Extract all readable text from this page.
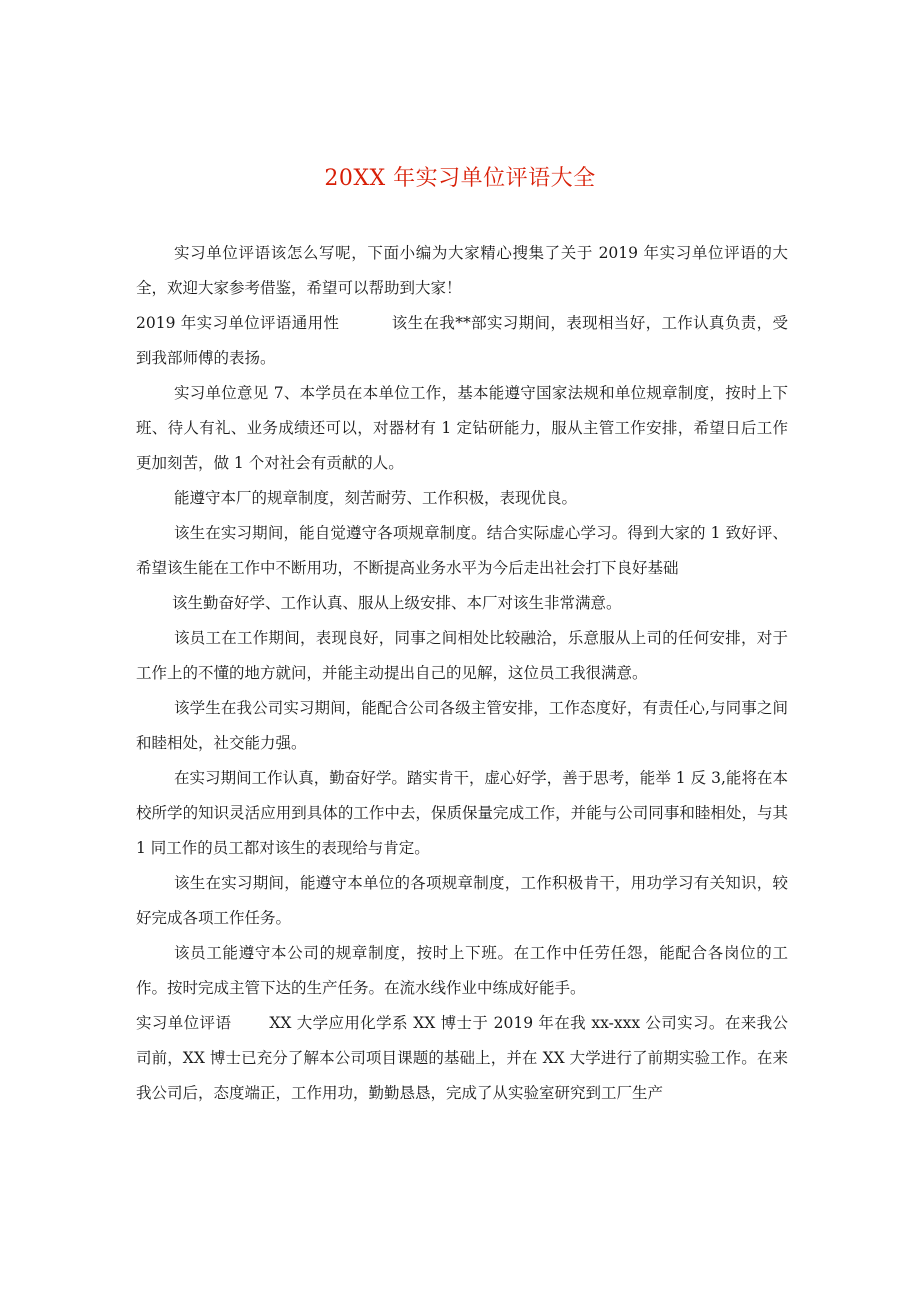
20XX 年实习单位评语大全

实习单位评语该怎么写呢，下面小编为大家精心搜集了关于 2019 年实习单位评语的大全，欢迎大家参考借鉴，希望可以帮助到大家！

2019 年实习单位评语通用性	该生在我**部实习期间，表现相当好，工作认真负责，受到我部师傅的表扬。

实习单位意见 7、本学员在本单位工作，基本能遵守国家法规和单位规章制度，按时上下班、待人有礼、业务成绩还可以，对器材有 1 定钻研能力，服从主管工作安排，希望日后工作更加刻苦，做 1 个对社会有贡献的人。

能遵守本厂的规章制度，刻苦耐劳、工作积极，表现优良。

该生在实习期间，能自觉遵守各项规章制度。结合实际虚心学习。得到大家的 1 致好评、希望该生能在工作中不断用功，不断提高业务水平为今后走出社会打下良好基础

该生勤奋好学、工作认真、服从上级安排、本厂对该生非常满意。

该员工在工作期间，表现良好，同事之间相处比较融洽，乐意服从上司的任何安排，对于工作上的不懂的地方就问，并能主动提出自己的见解，这位员工我很满意。

该学生在我公司实习期间，能配合公司各级主管安排，工作态度好，有责任心,与同事之间和睦相处，社交能力强。

在实习期间工作认真，勤奋好学。踏实肯干，虚心好学，善于思考，能举 1 反 3,能将在本校所学的知识灵活应用到具体的工作中去，保质保量完成工作，并能与公司同事和睦相处，与其 1 同工作的员工都对该生的表现给与肯定。

该生在实习期间，能遵守本单位的各项规章制度，工作积极肯干，用功学习有关知识，较好完成各项工作任务。

该员工能遵守本公司的规章制度，按时上下班。在工作中任劳任怨，能配合各岗位的工作。按时完成主管下达的生产任务。在流水线作业中练成好能手。

实习单位评语 XX 大学应用化学系 XX 博士于 2019 年在我 xx-xxx 公司实习。在来我公司前，XX 博士已充分了解本公司项目课题的基础上，并在 XX 大学进行了前期实验工作。在来我公司后，态度端正，工作用功，勤勤恳恳，完成了从实验室研究到工厂生产
